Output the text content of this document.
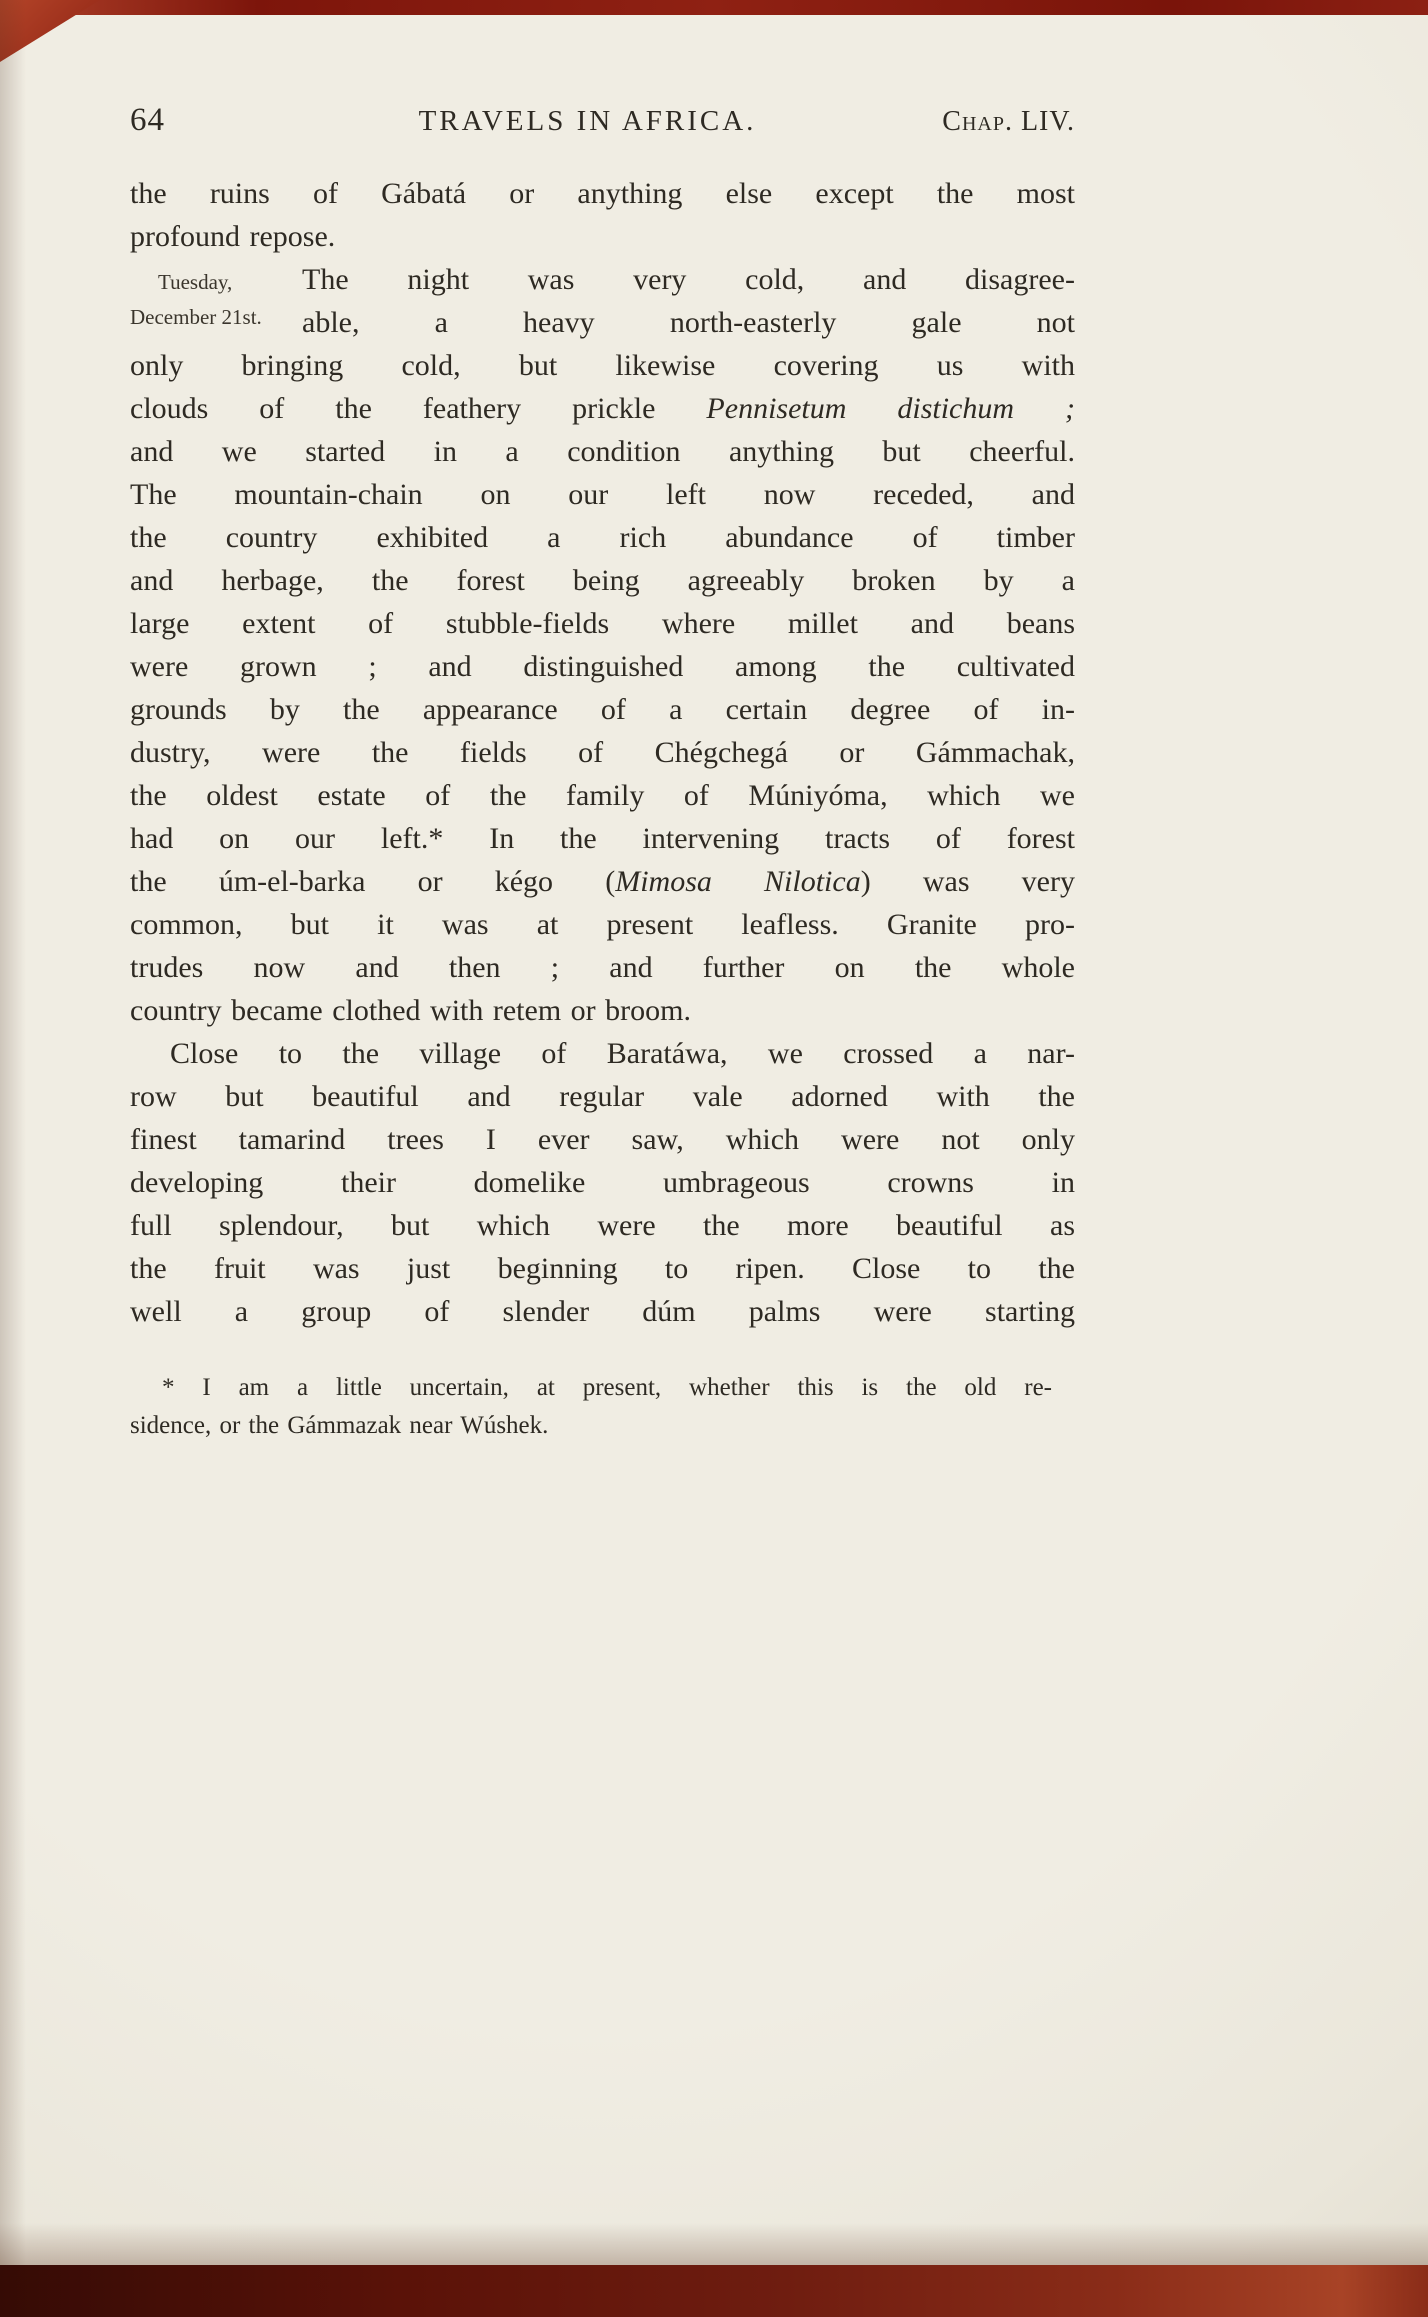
64	TRAVELS IN AFRICA.	Chap. LIV.
the ruins of Gábatá or anything else except the most
profound repose.
Tuesday,
December 21st.
The night was very cold, and disagree-
able, a heavy north-easterly gale not
only bringing cold, but likewise covering us with
clouds of the feathery prickle Pennisetum distichum ;
and we started in a condition anything but cheerful.
The mountain-chain on our left now receded, and
the country exhibited a rich abundance of timber
and herbage, the forest being agreeably broken by a
large extent of stubble-fields where millet and beans
were grown ; and distinguished among the cultivated
grounds by the appearance of a certain degree of in-
dustry, were the fields of Chégchegá or Gámmachak,
the oldest estate of the family of Múniyóma, which we
had on our left.* In the intervening tracts of forest
the úm-el-barka or kégo (Mimosa Nilotica) was very
common, but it was at present leafless. Granite pro-
trudes now and then ; and further on the whole
country became clothed with retem or broom.
Close to the village of Baratáwa, we crossed a nar-
row but beautiful and regular vale adorned with the
finest tamarind trees I ever saw, which were not only
developing their domelike umbrageous crowns in
full splendour, but which were the more beautiful as
the fruit was just beginning to ripen. Close to the
well a group of slender dúm palms were starting
* I am a little uncertain, at present, whether this is the old re-
sidence, or the Gámmazak near Wúshek.
